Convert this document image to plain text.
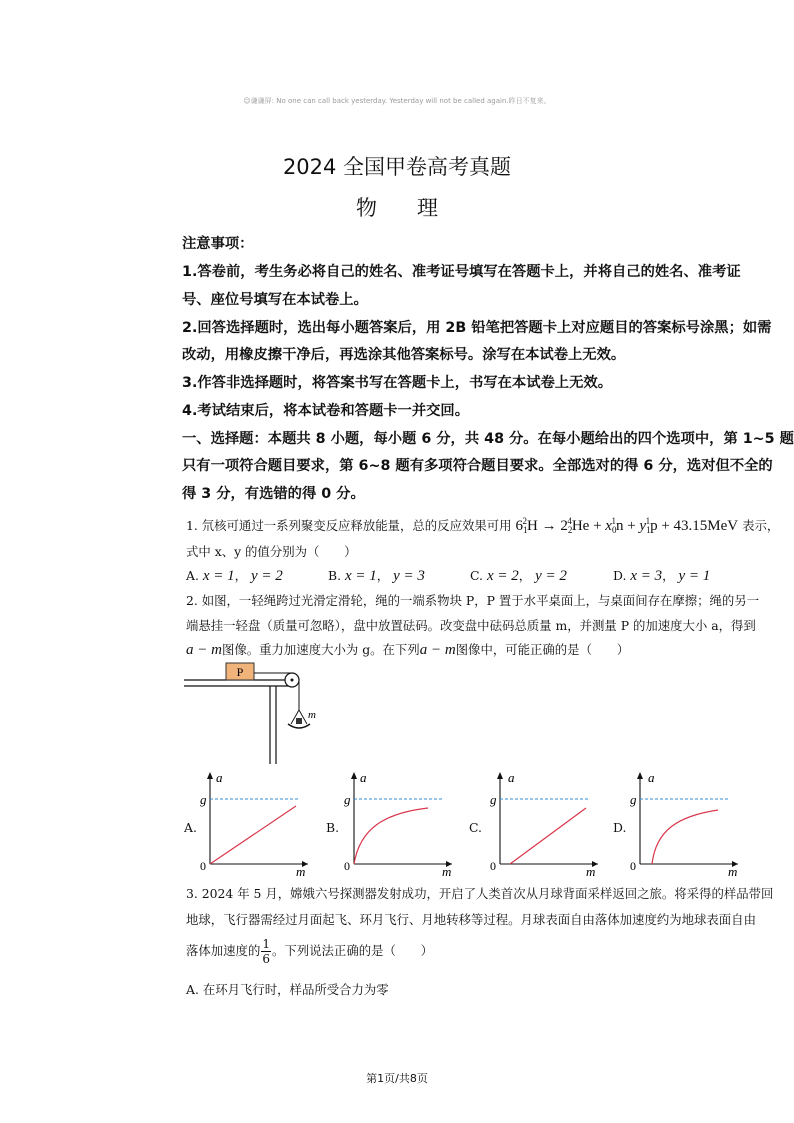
☺谦谦屏: No one can call back yesterday. Yesterday will not be called again.昨日不复来。
2024 全国甲卷高考真题
物理
注意事项：
1.答卷前，考生务必将自己的姓名、准考证号填写在答题卡上，并将自己的姓名、准考证
号、座位号填写在本试卷上。
2.回答选择题时，选出每小题答案后，用 2B 铅笔把答题卡上对应题目的答案标号涂黑；如需
改动，用橡皮擦干净后，再选涂其他答案标号。涂写在本试卷上无效。
3.作答非选择题时，将答案书写在答题卡上，书写在本试卷上无效。
4.考试结束后，将本试卷和答题卡一并交回。
一、选择题：本题共 8 小题，每小题 6 分，共 48 分。在每小题给出的四个选项中，第 1~5 题
只有一项符合题目要求，第 6~8 题有多项符合题目要求。全部选对的得 6 分，选对但不全的
得 3 分，有选错的得 0 分。
1. 氘核可通过一系列聚变反应释放能量，总的反应效果可用 $6_1^2H \to 2_2^4He + x_0^1n + y_1^1p + 43.15MeV$ 表示，
式中 x、y 的值分别为（　　）
A. x = 1， y = 2	B. x = 1， y = 3	C. x = 2， y = 2	D. x = 3， y = 1
2. 如图，一轻绳跨过光滑定滑轮，绳的一端系物块 P，P 置于水平桌面上，与桌面间存在摩擦；绳的另一
端悬挂一轻盘（质量可忽略），盘中放置砝码。改变盘中砝码总质量 m，并测量 P 的加速度大小 a，得到
a − m图像。重力加速度大小为 g。在下列a − m图像中，可能正确的是（　　）
P
m
A.	B.	C.	D.
a
g
0	m
a
g
0	m
a
g
0	m
a
g
0	m
3. 2024 年 5 月，嫦娥六号探测器发射成功，开启了人类首次从月球背面采样返回之旅。将采得的样品带回
地球，飞行器需经过月面起飞、环月飞行、月地转移等过程。月球表面自由落体加速度约为地球表面自由
落体加速度的 $\frac{1}{6}$ 。下列说法正确的是（　　）
A. 在环月飞行时，样品所受合力为零
第1页/共8页
